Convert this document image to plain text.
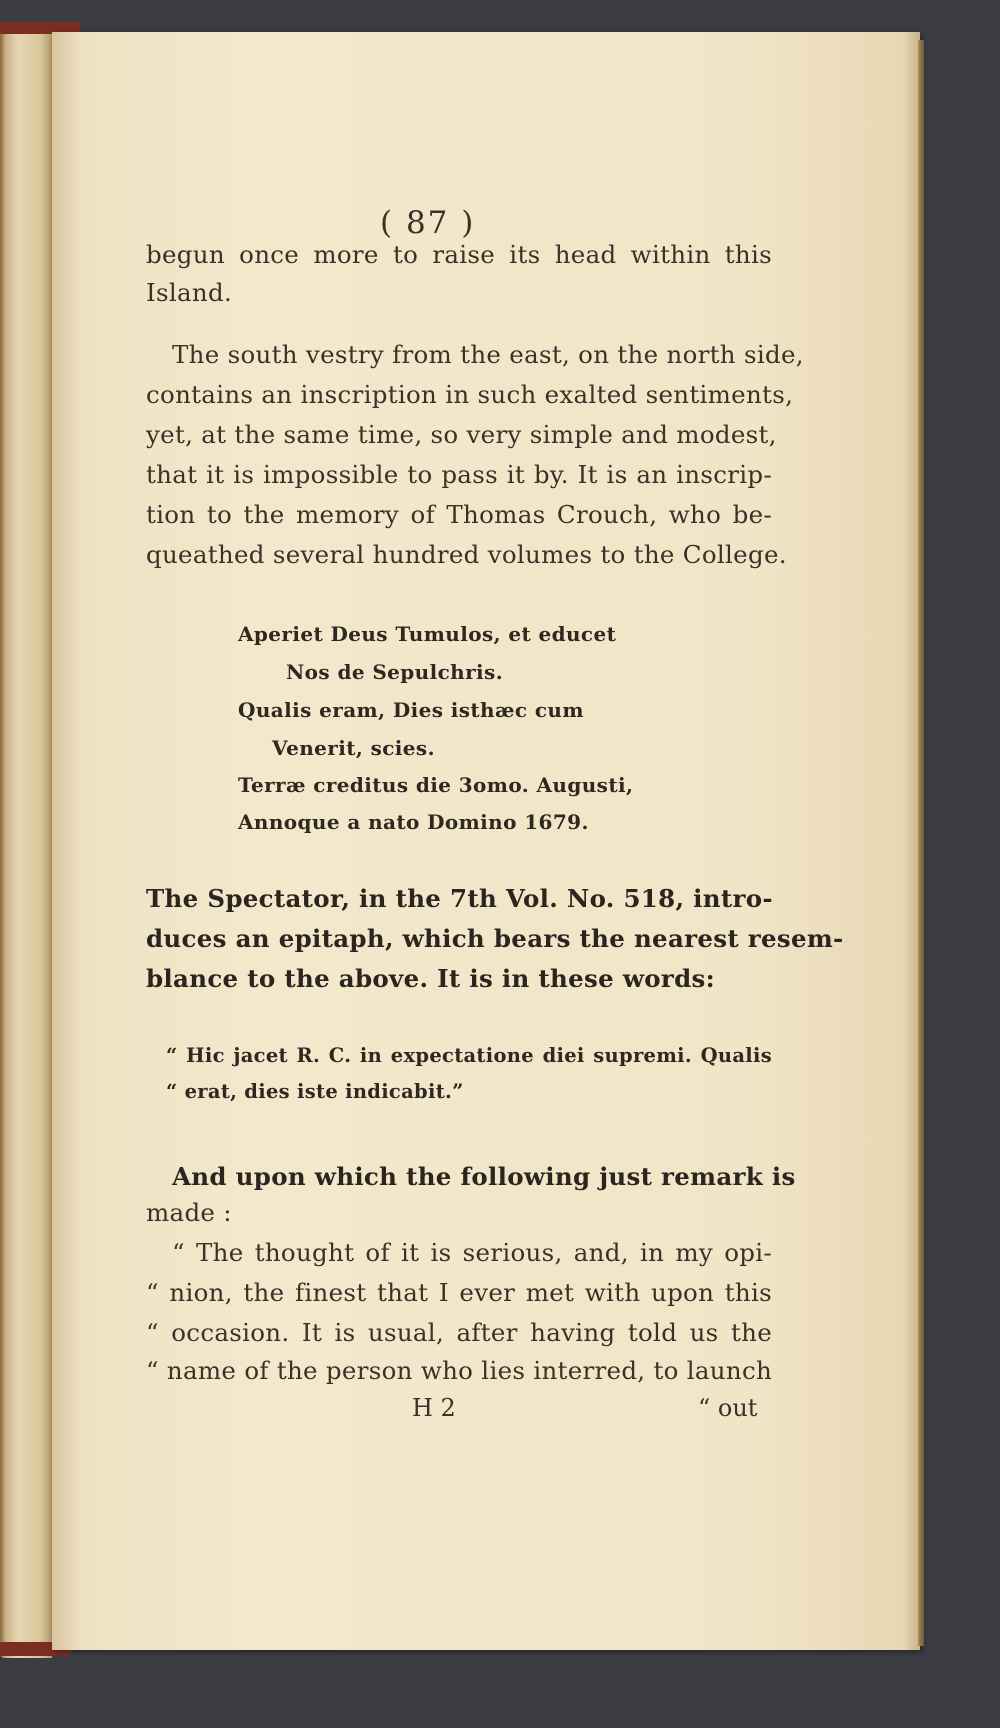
( 87 )
begun once more to raise its head within this
Island.
The south vestry from the east, on the north side,
contains an inscription in such exalted sentiments,
yet, at the same time, so very simple and modest,
that it is impossible to pass it by. It is an inscrip-
tion to the memory of Thomas Crouch, who be-
queathed several hundred volumes to the College.
Aperiet Deus Tumulos, et educet
Nos de Sepulchris.
Qualis eram, Dies isthæc cum
Venerit, scies.
Terræ creditus die 3omo. Augusti,
Annoque a nato Domino 1679.
The Spectator, in the 7th Vol. No. 518, intro-
duces an epitaph, which bears the nearest resem-
blance to the above. It is in these words:
“ Hic jacet R. C. in expectatione diei supremi. Qualis
“ erat, dies iste indicabit.”
And upon which the following just remark is
made :
“ The thought of it is serious, and, in my opi-
“ nion, the finest that I ever met with upon this
“ occasion. It is usual, after having told us the
“ name of the person who lies interred, to launch
H 2	“ out
